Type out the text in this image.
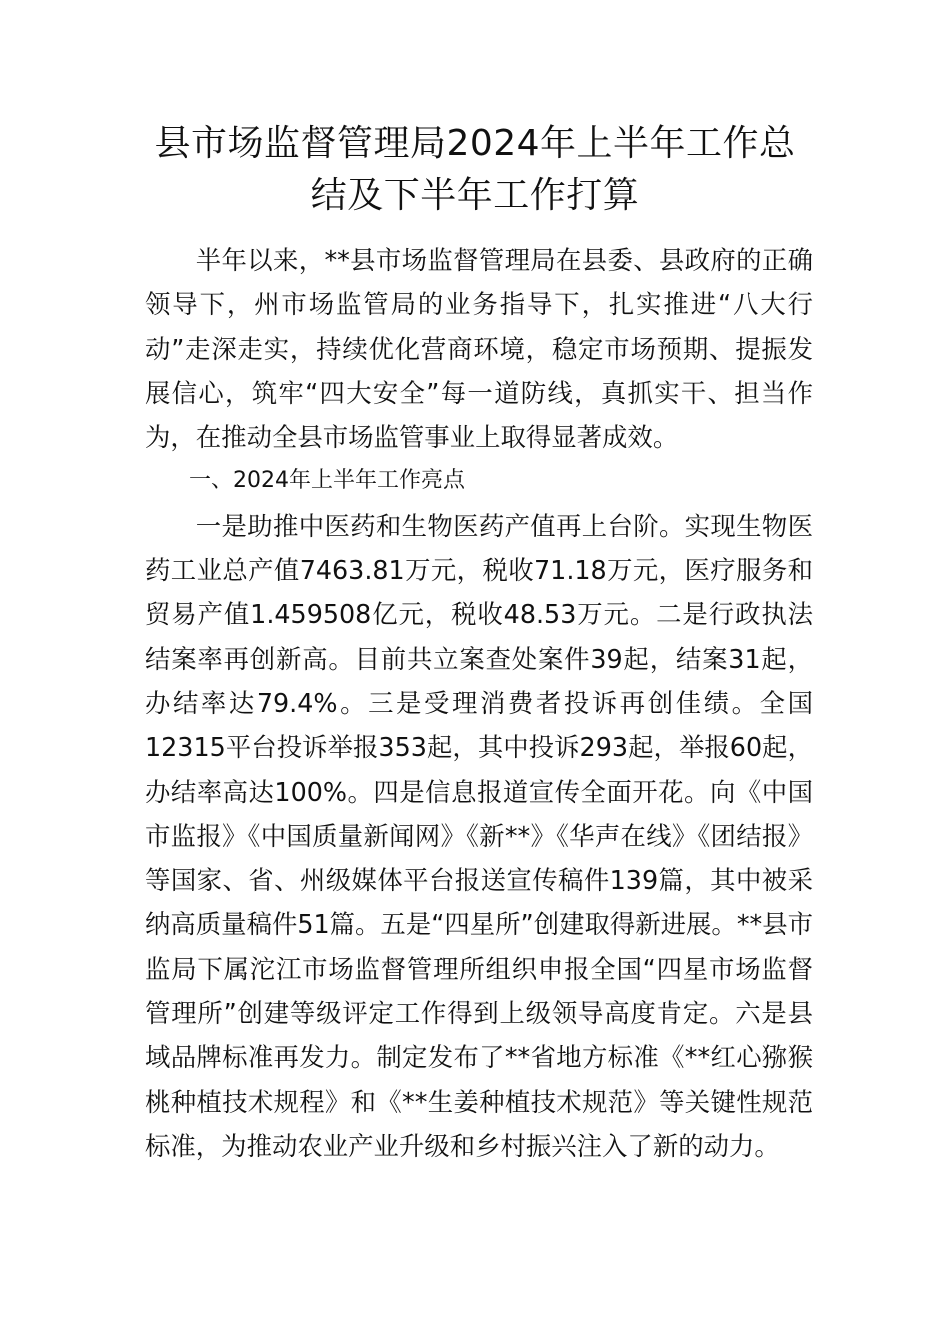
县市场监督管理局2024年上半年工作总结及下半年工作打算

半年以来，**县市场监督管理局在县委、县政府的正确领导下，州市场监管局的业务指导下，扎实推进“八大行动”走深走实，持续优化营商环境，稳定市场预期、提振发展信心，筑牢“四大安全”每一道防线，真抓实干、担当作为，在推动全县市场监管事业上取得显著成效。

一、2024年上半年工作亮点

一是助推中医药和生物医药产值再上台阶。实现生物医药工业总产值7463.81万元，税收71.18万元，医疗服务和贸易产值1.459508亿元，税收48.53万元。二是行政执法结案率再创新高。目前共立案查处案件39起，结案31起，办结率达79.4%。三是受理消费者投诉再创佳绩。全国12315平台投诉举报353起，其中投诉293起，举报60起，办结率高达100%。四是信息报道宣传全面开花。向《中国市监报》《中国质量新闻网》《新**》《华声在线》《团结报》等国家、省、州级媒体平台报送宣传稿件139篇，其中被采纳高质量稿件51篇。五是“四星所”创建取得新进展。**县市监局下属沱江市场监督管理所组织申报全国“四星市场监督管理所”创建等级评定工作得到上级领导高度肯定。六是县域品牌标准再发力。制定发布了**省地方标准《**红心猕猴桃种植技术规程》和《**生姜种植技术规范》等关键性规范标准，为推动农业产业升级和乡村振兴注入了新的动力。
